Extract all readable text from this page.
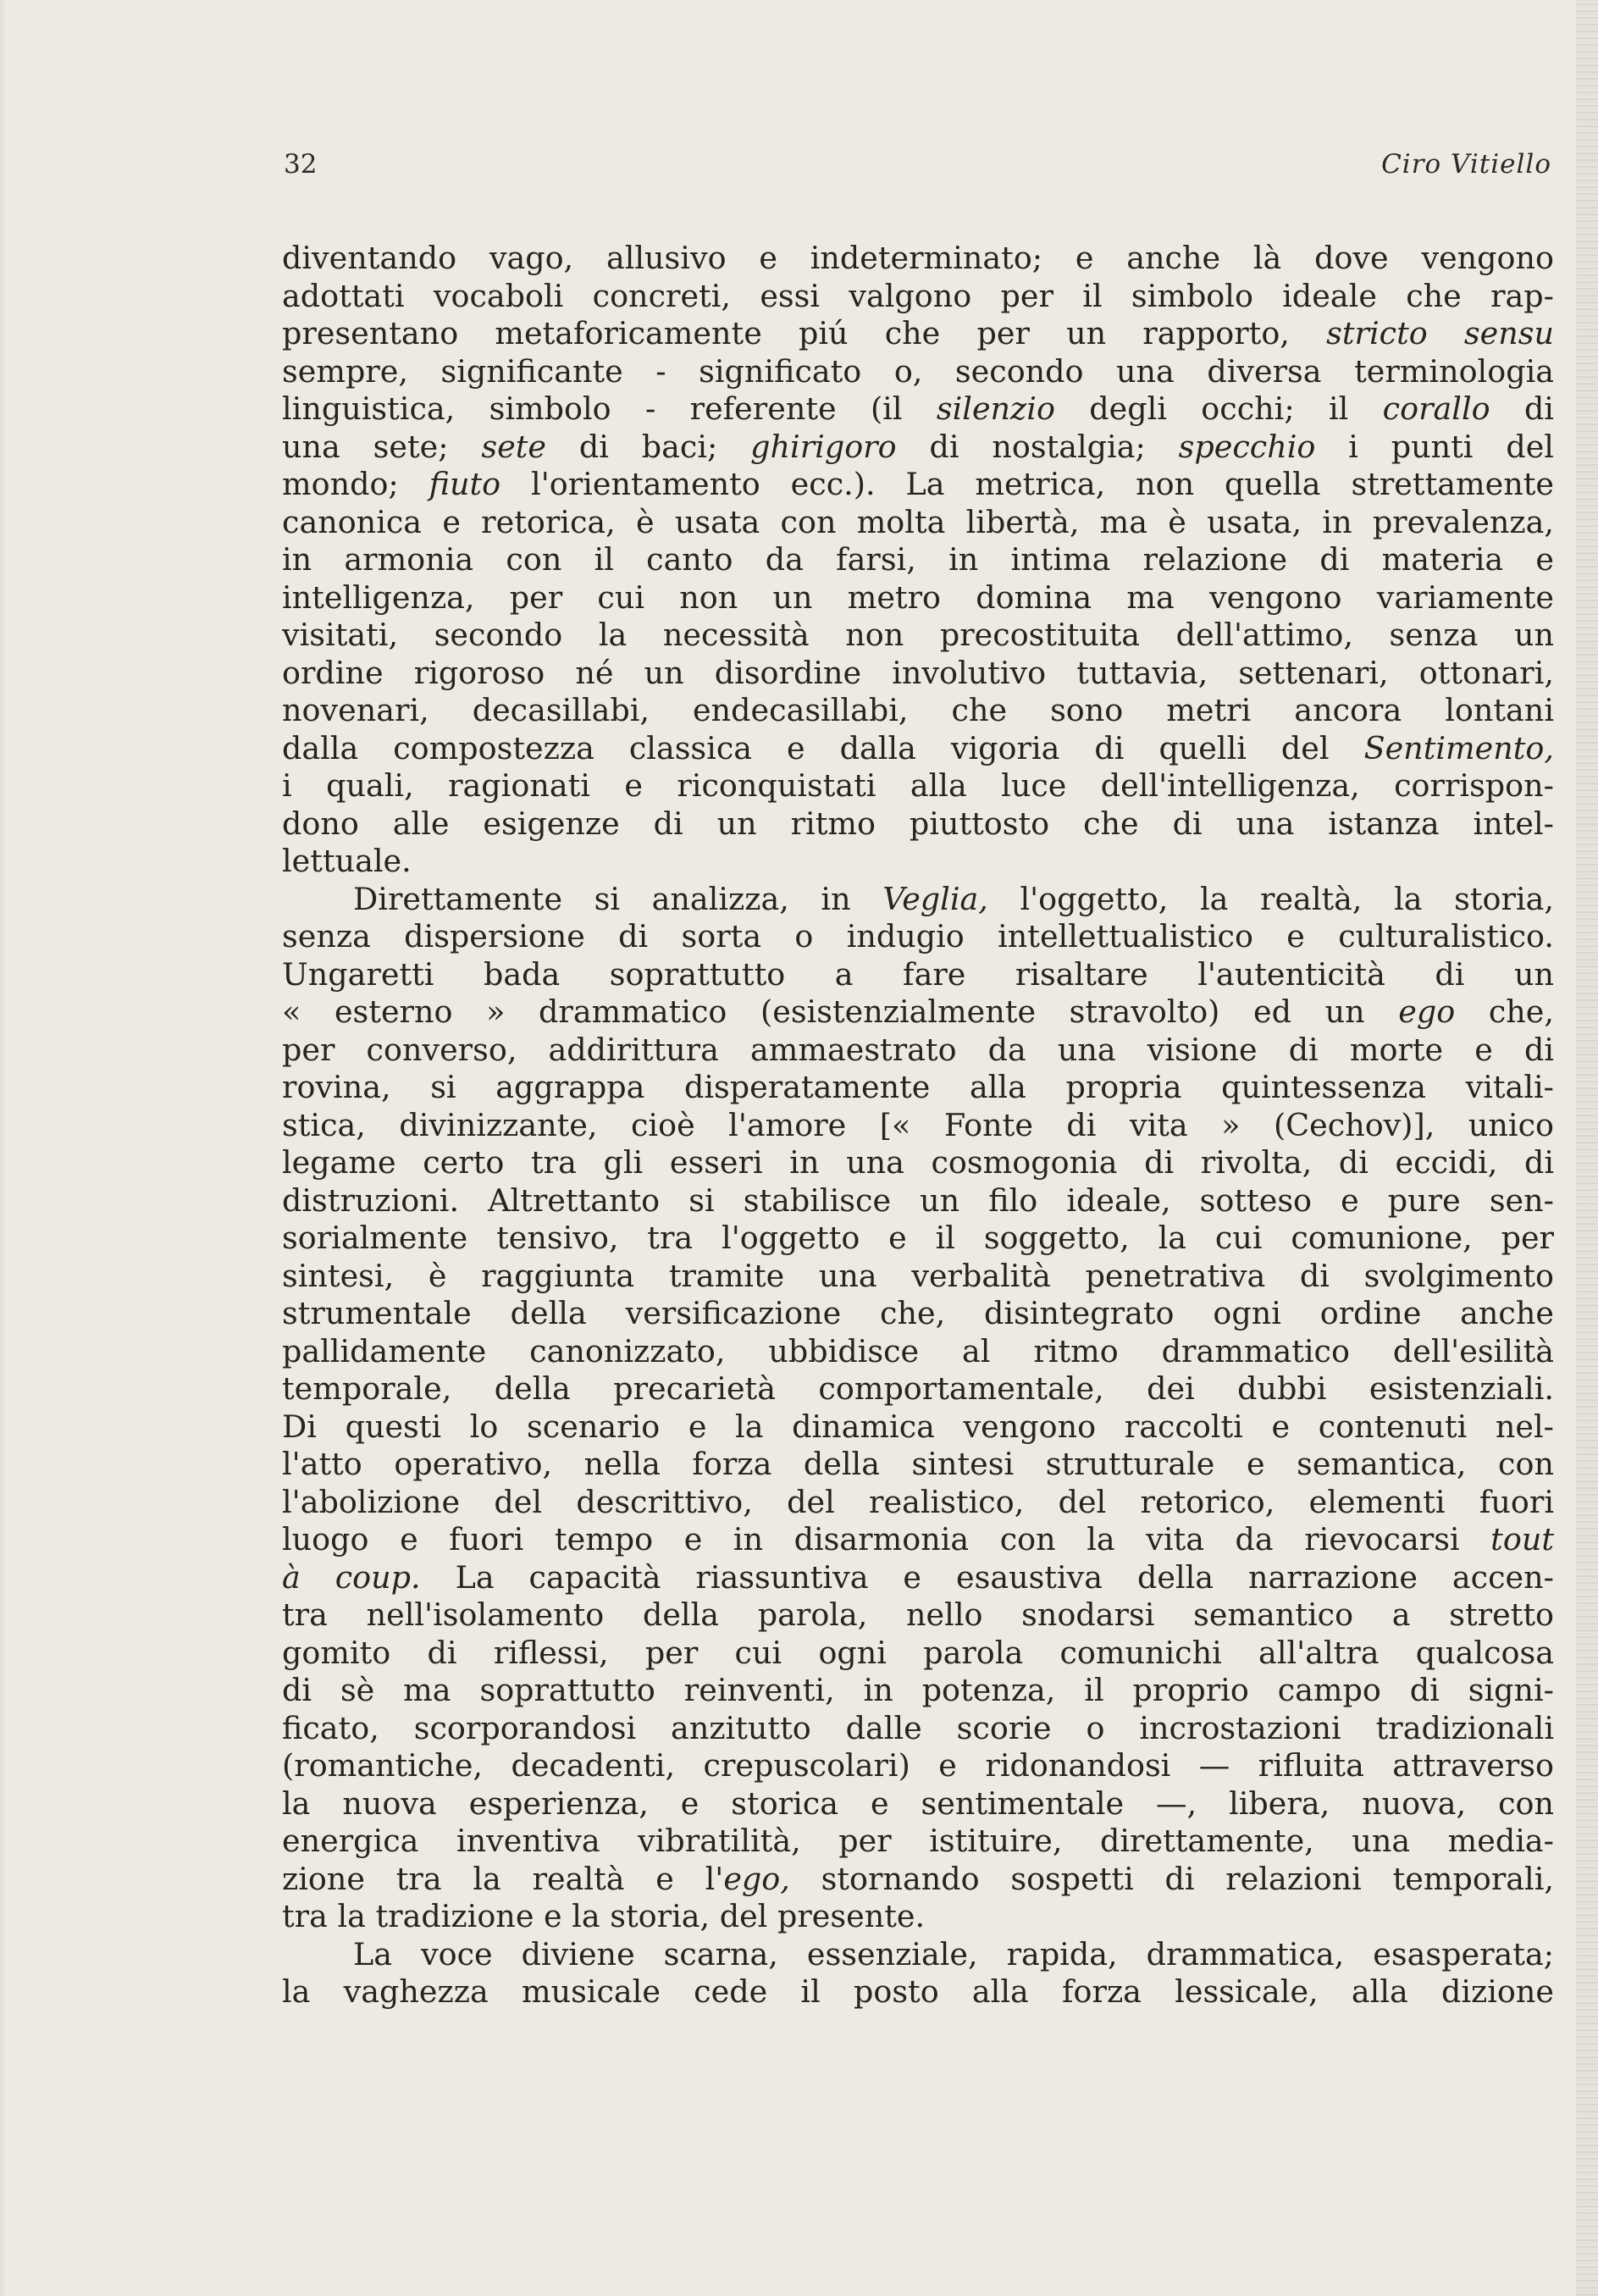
32	Ciro Vitiello
diventando vago, allusivo e indeterminato; e anche là dove vengono
adottati vocaboli concreti, essi valgono per il simbolo ideale che rap-
presentano metaforicamente piú che per un rapporto, stricto sensu
sempre, significante - significato o, secondo una diversa terminologia
linguistica, simbolo - referente (il silenzio degli occhi; il corallo di
una sete; sete di baci; ghirigoro di nostalgia; specchio i punti del
mondo; fiuto l'orientamento ecc.). La metrica, non quella strettamente
canonica e retorica, è usata con molta libertà, ma è usata, in prevalenza,
in armonia con il canto da farsi, in intima relazione di materia e
intelligenza, per cui non un metro domina ma vengono variamente
visitati, secondo la necessità non precostituita dell'attimo, senza un
ordine rigoroso né un disordine involutivo tuttavia, settenari, ottonari,
novenari, decasillabi, endecasillabi, che sono metri ancora lontani
dalla compostezza classica e dalla vigoria di quelli del Sentimento,
i quali, ragionati e riconquistati alla luce dell'intelligenza, corrispon-
dono alle esigenze di un ritmo piuttosto che di una istanza intel-
lettuale.
Direttamente si analizza, in Veglia, l'oggetto, la realtà, la storia,
senza dispersione di sorta o indugio intellettualistico e culturalistico.
Ungaretti bada soprattutto a fare risaltare l'autenticità di un
« esterno » drammatico (esistenzialmente stravolto) ed un ego che,
per converso, addirittura ammaestrato da una visione di morte e di
rovina, si aggrappa disperatamente alla propria quintessenza vitali-
stica, divinizzante, cioè l'amore [« Fonte di vita » (Cechov)], unico
legame certo tra gli esseri in una cosmogonia di rivolta, di eccidi, di
distruzioni. Altrettanto si stabilisce un filo ideale, sotteso e pure sen-
sorialmente tensivo, tra l'oggetto e il soggetto, la cui comunione, per
sintesi, è raggiunta tramite una verbalità penetrativa di svolgimento
strumentale della versificazione che, disintegrato ogni ordine anche
pallidamente canonizzato, ubbidisce al ritmo drammatico dell'esilità
temporale, della precarietà comportamentale, dei dubbi esistenziali.
Di questi lo scenario e la dinamica vengono raccolti e contenuti nel-
l'atto operativo, nella forza della sintesi strutturale e semantica, con
l'abolizione del descrittivo, del realistico, del retorico, elementi fuori
luogo e fuori tempo e in disarmonia con la vita da rievocarsi tout
à coup. La capacità riassuntiva e esaustiva della narrazione accen-
tra nell'isolamento della parola, nello snodarsi semantico a stretto
gomito di riflessi, per cui ogni parola comunichi all'altra qualcosa
di sè ma soprattutto reinventi, in potenza, il proprio campo di signi-
ficato, scorporandosi anzitutto dalle scorie o incrostazioni tradizionali
(romantiche, decadenti, crepuscolari) e ridonandosi — rifluita attraverso
la nuova esperienza, e storica e sentimentale —, libera, nuova, con
energica inventiva vibratilità, per istituire, direttamente, una media-
zione tra la realtà e l'ego, stornando sospetti di relazioni temporali,
tra la tradizione e la storia, del presente.
La voce diviene scarna, essenziale, rapida, drammatica, esasperata;
la vaghezza musicale cede il posto alla forza lessicale, alla dizione
